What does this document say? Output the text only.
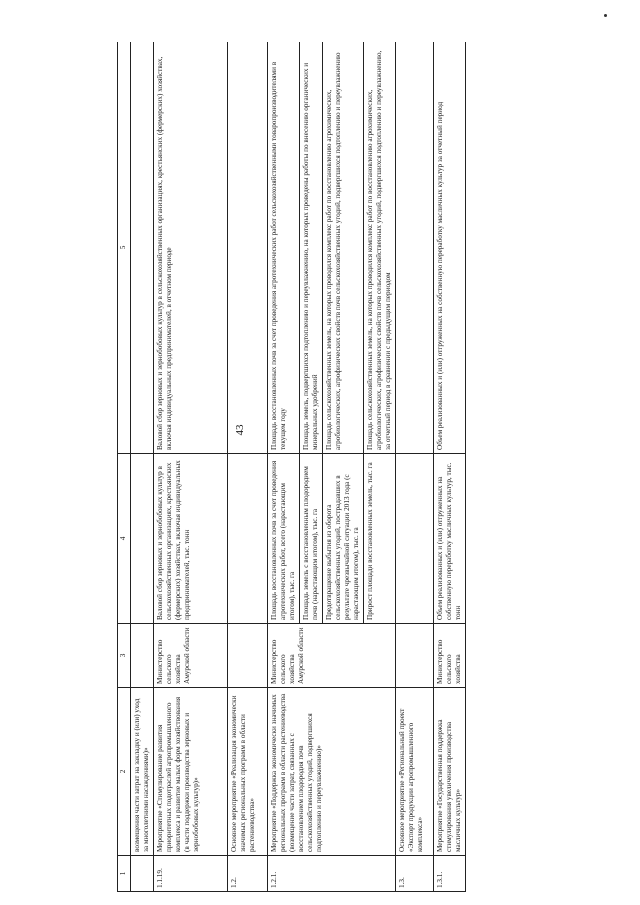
43
1	2	3	4	5
	возмещения части затрат на закладку и (или) уход за многолетними насаждениями)»			
1.1.19.	Мероприятие «Стимулирование развития приоритетных подотраслей агропромышленного комплекса и развитие малых форм хозяйствования (в части поддержки производства зерновых и зернобобовых культур)»	Министерство сельского хозяйства Амурской области	Валовой сбор зерновых и зернобобовых культур в сельскохозяйственных организациях, крестьянских (фермерских) хозяйствах, включая индивидуальных предпринимателей, тыс. тонн	Валовой сбор зерновых и зернобобовых культур в сельскохозяйственных организациях, крестьянских (фермерских) хозяйствах, включая индивидуальных предпринимателей, в отчетном периоде
1.2.	Основное мероприятие «Реализация экономически значимых региональных программ в области растениеводства»			
1.2.1.	Мероприятие «Поддержка экономически значимых региональных программ в области растениеводства (возмещение части затрат, связанных с восстановлением плодородия почв сельскохозяйственных угодий, подвергшихся подтоплению и переувлажнению)»	Министерство сельского хозяйства Амурской области	Площадь восстановленных почв за счет проведения агротехнических работ, всего (нарастающим итогом), тыс. га	Площадь восстановленных почв за счет проведения агротехнических работ сельскохозяйственными товаропроизводителями в текущем году
			Площадь земель с восстановленным плодородием почв (нарастающим итогом), тыс. га	Площадь земель, подвергшихся подтоплению и переувлажнению, на которых проведены работы по внесению органических и минеральных удобрений
			Предотвращение выбытия из оборота сельскохозяйственных угодий, пострадавших в результате чрезвычайной ситуации 2013 года (с нарастающим итогом), тыс. га	Площадь сельскохозяйственных земель, на которых проводился комплекс работ по восстановлению агрохимических, агробиологических, агрофизических свойств почв сельскохозяйственных угодий, подвергшихся подтоплению и переувлажнению
			Прирост площади восстановленных земель, тыс. га	Площадь сельскохозяйственных земель, на которых проводился комплекс работ по восстановлению агрохимических, агробиологических, агрофизических свойств почв сельскохозяйственных угодий, подвергшихся подтоплению и переувлажнению, за отчетный период в сравнении с предыдущим периодом
1.3.	Основное мероприятие «Региональный проект «Экспорт продукции агропромышленного комплекса»			
1.3.1.	Мероприятие «Государственная поддержка стимулирования увеличения производства масличных культур»	Министерство сельского хозяйства	Объем реализованных и (или) отгруженных на собственную переработку масличных культур, тыс. тонн	Объем реализованных и (или) отгруженных на собственную переработку масличных культур за отчетный период
